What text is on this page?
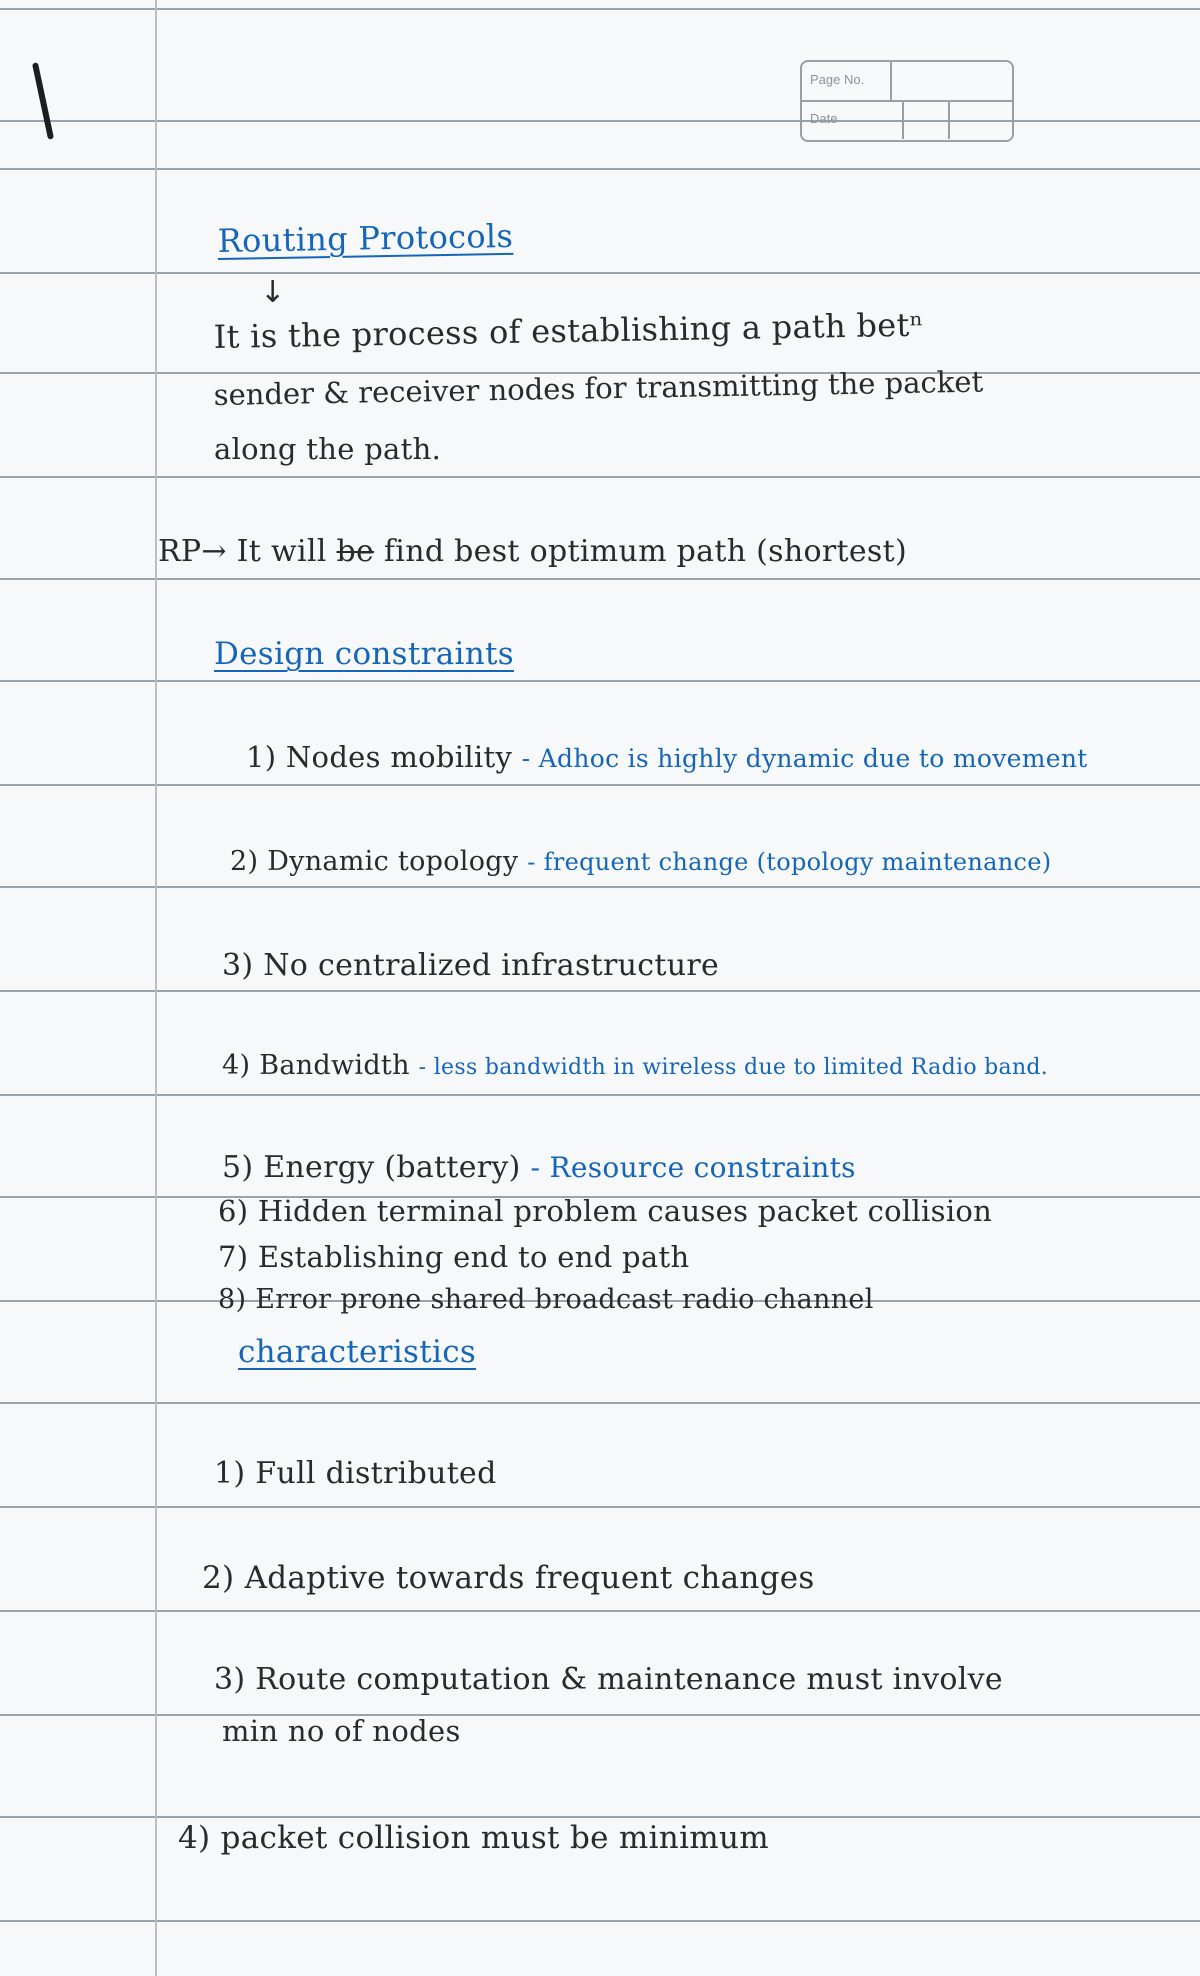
Page No.
Date
Routing Protocols
↓
It is the process of establishing a path betⁿ
sender & receiver nodes for transmitting the packet
along the path.
RP→ It will be find best optimum path (shortest)
Design constraints
1) Nodes mobility - Adhoc is highly dynamic due to movement
2) Dynamic topology - frequent change (topology maintenance)
3) No centralized infrastructure
4) Bandwidth - less bandwidth in wireless due to limited Radio band.
5) Energy (battery) - Resource constraints
6) Hidden terminal problem causes packet collision
7) Establishing end to end path
8) Error prone shared broadcast radio channel
characteristics
1) Full distributed
2) Adaptive towards frequent changes
3) Route computation & maintenance must involve
min no of nodes
4) packet collision must be minimum
